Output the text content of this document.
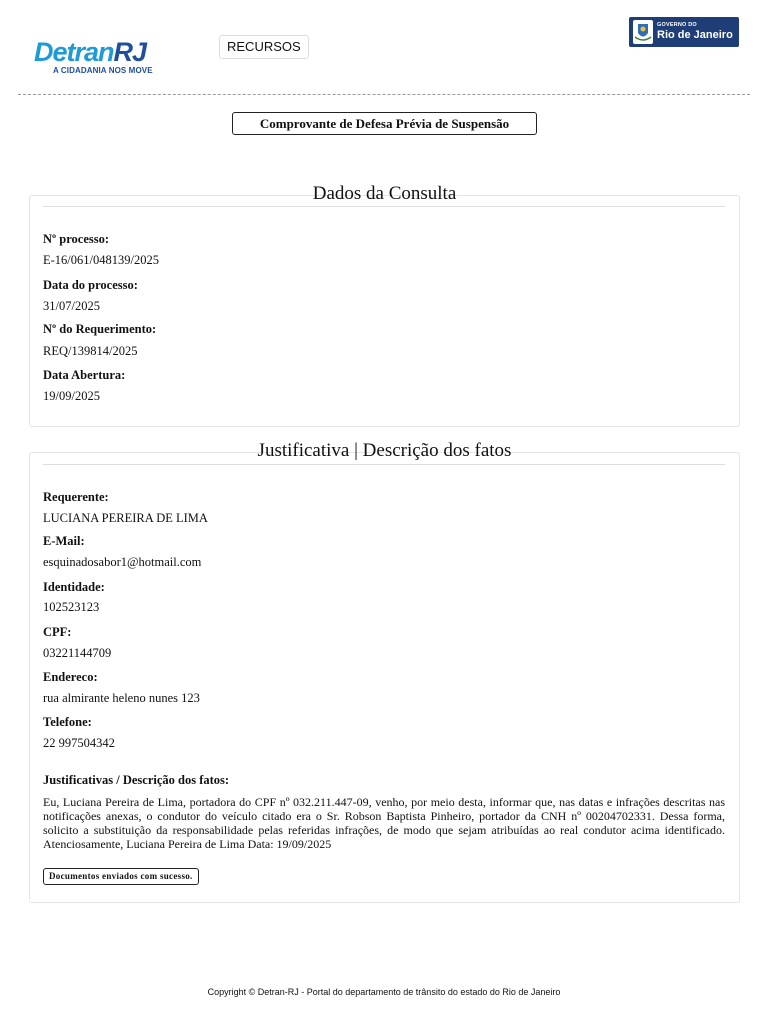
DetranRJ
A CIDADANIA NOS MOVE
RECURSOS
GOVERNO DO
Rio de Janeiro
Comprovante de Defesa Prévia de Suspensão
Dados da Consulta
Nº processo:
E-16/061/048139/2025
Data do processo:
31/07/2025
Nº do Requerimento:
REQ/139814/2025
Data Abertura:
19/09/2025
Justificativa | Descrição dos fatos
Requerente:
LUCIANA PEREIRA DE LIMA
E-Mail:
esquinadosabor1@hotmail.com
Identidade:
102523123
CPF:
03221144709
Endereco:
rua almirante heleno nunes 123
Telefone:
22 997504342
Justificativas / Descrição dos fatos:
Eu, Luciana Pereira de Lima, portadora do CPF nº 032.211.447-09, venho, por meio desta, informar que, nas datas e infrações descritas nas notificações anexas, o condutor do veículo citado era o Sr. Robson Baptista Pinheiro, portador da CNH nº 00204702331. Dessa forma, solicito a substituição da responsabilidade pelas referidas infrações, de modo que sejam atribuídas ao real condutor acima identificado. Atenciosamente, Luciana Pereira de Lima Data: 19/09/2025
Documentos enviados com sucesso.
Copyright © Detran-RJ - Portal do departamento de trânsito do estado do Rio de Janeiro
